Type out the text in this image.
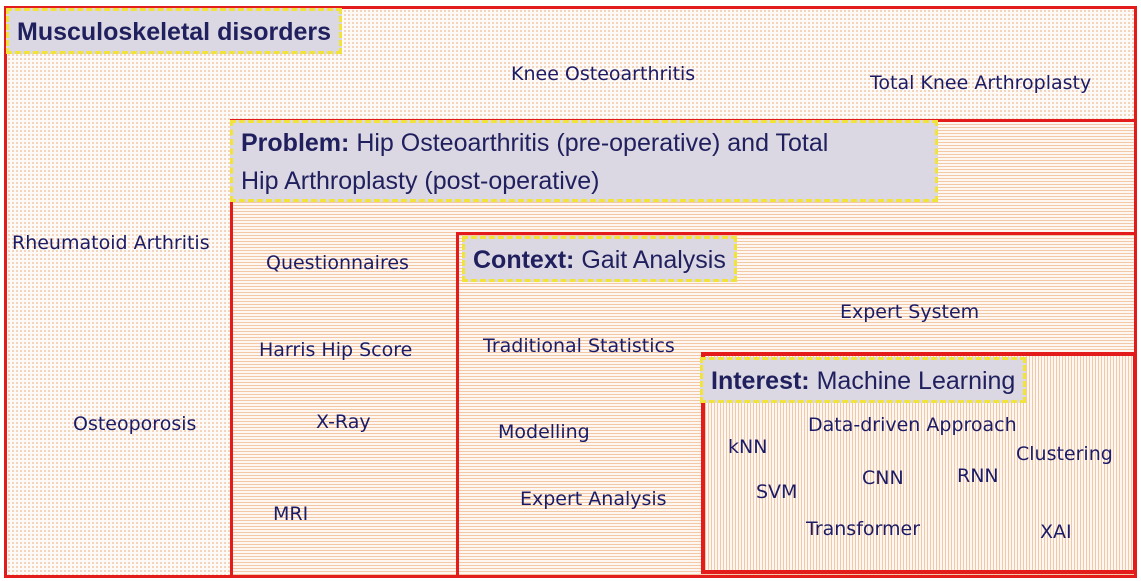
Musculoskeletal disorders
Problem: Hip Osteoarthritis (pre-operative) and Total
Hip Arthroplasty (post-operative)
Context: Gait Analysis
Interest: Machine Learning
Knee Osteoarthritis	Total Knee Arthroplasty
Rheumatoid Arthritis
Osteoporosis
Questionnaires
Harris Hip Score
X-Ray
MRI
Expert System
Traditional Statistics
Modelling
Expert Analysis
Data-driven Approach
kNN	Clustering
CNN	RNN
SVM
Transformer	XAI
